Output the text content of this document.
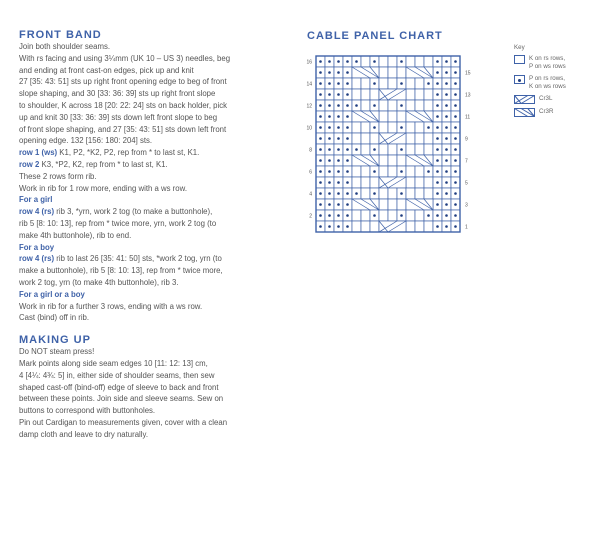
FRONT BAND

Join both shoulder seams.

With rs facing and using 3¼mm (UK 10 – US 3) needles, beg

and ending at front cast-on edges, pick up and knit

27 [35: 43: 51] sts up right front opening edge to beg of front

slope shaping, and 30 [33: 36: 39] sts up right front slope

to shoulder, K across 18 [20: 22: 24] sts on back holder, pick

up and knit 30 [33: 36: 39] sts down left front slope to beg

of front slope shaping, and 27 [35: 43: 51] sts down left front

opening edge. 132 [156: 180: 204] sts.

row 1 (ws) K1, P2, *K2, P2, rep from * to last st, K1.

row 2 K3, *P2, K2, rep from * to last st, K1.

These 2 rows form rib.

Work in rib for 1 row more, ending with a ws row.

For a girl

row 4 (rs) rib 3, *yrn, work 2 tog (to make a buttonhole),

rib 5 [8: 10: 13], rep from * twice more, yrn, work 2 tog (to

make 4th buttonhole), rib to end.

For a boy

row 4 (rs) rib to last 26 [35: 41: 50] sts, *work 2 tog, yrn (to

make a buttonhole), rib 5 [8: 10: 13], rep from * twice more,

work 2 tog, yrn (to make 4th buttonhole), rib 3.

For a girl or a boy

Work in rib for a further 3 rows, ending with a ws row.

Cast (bind) off in rib.

MAKING UP

Do NOT steam press!

Mark points along side seam edges 10 [11: 12: 13] cm,

4 [4¼: 4¾: 5] in, either side of shoulder seams, then sew

shaped cast-off (bind-off) edge of sleeve to back and front

between these points. Join side and sleeve seams. Sew on

buttons to correspond with buttonholes.

Pin out Cardigan to measurements given, cover with a clean

damp cloth and leave to dry naturally.

CABLE PANEL CHART
16
14
12
10
8
6
4
2
15
13
11
9
7
5
3
1
Key
K on rs rows,
P on ws rows
P on rs rows,
K on ws rows
Cr3L
Cr3R
